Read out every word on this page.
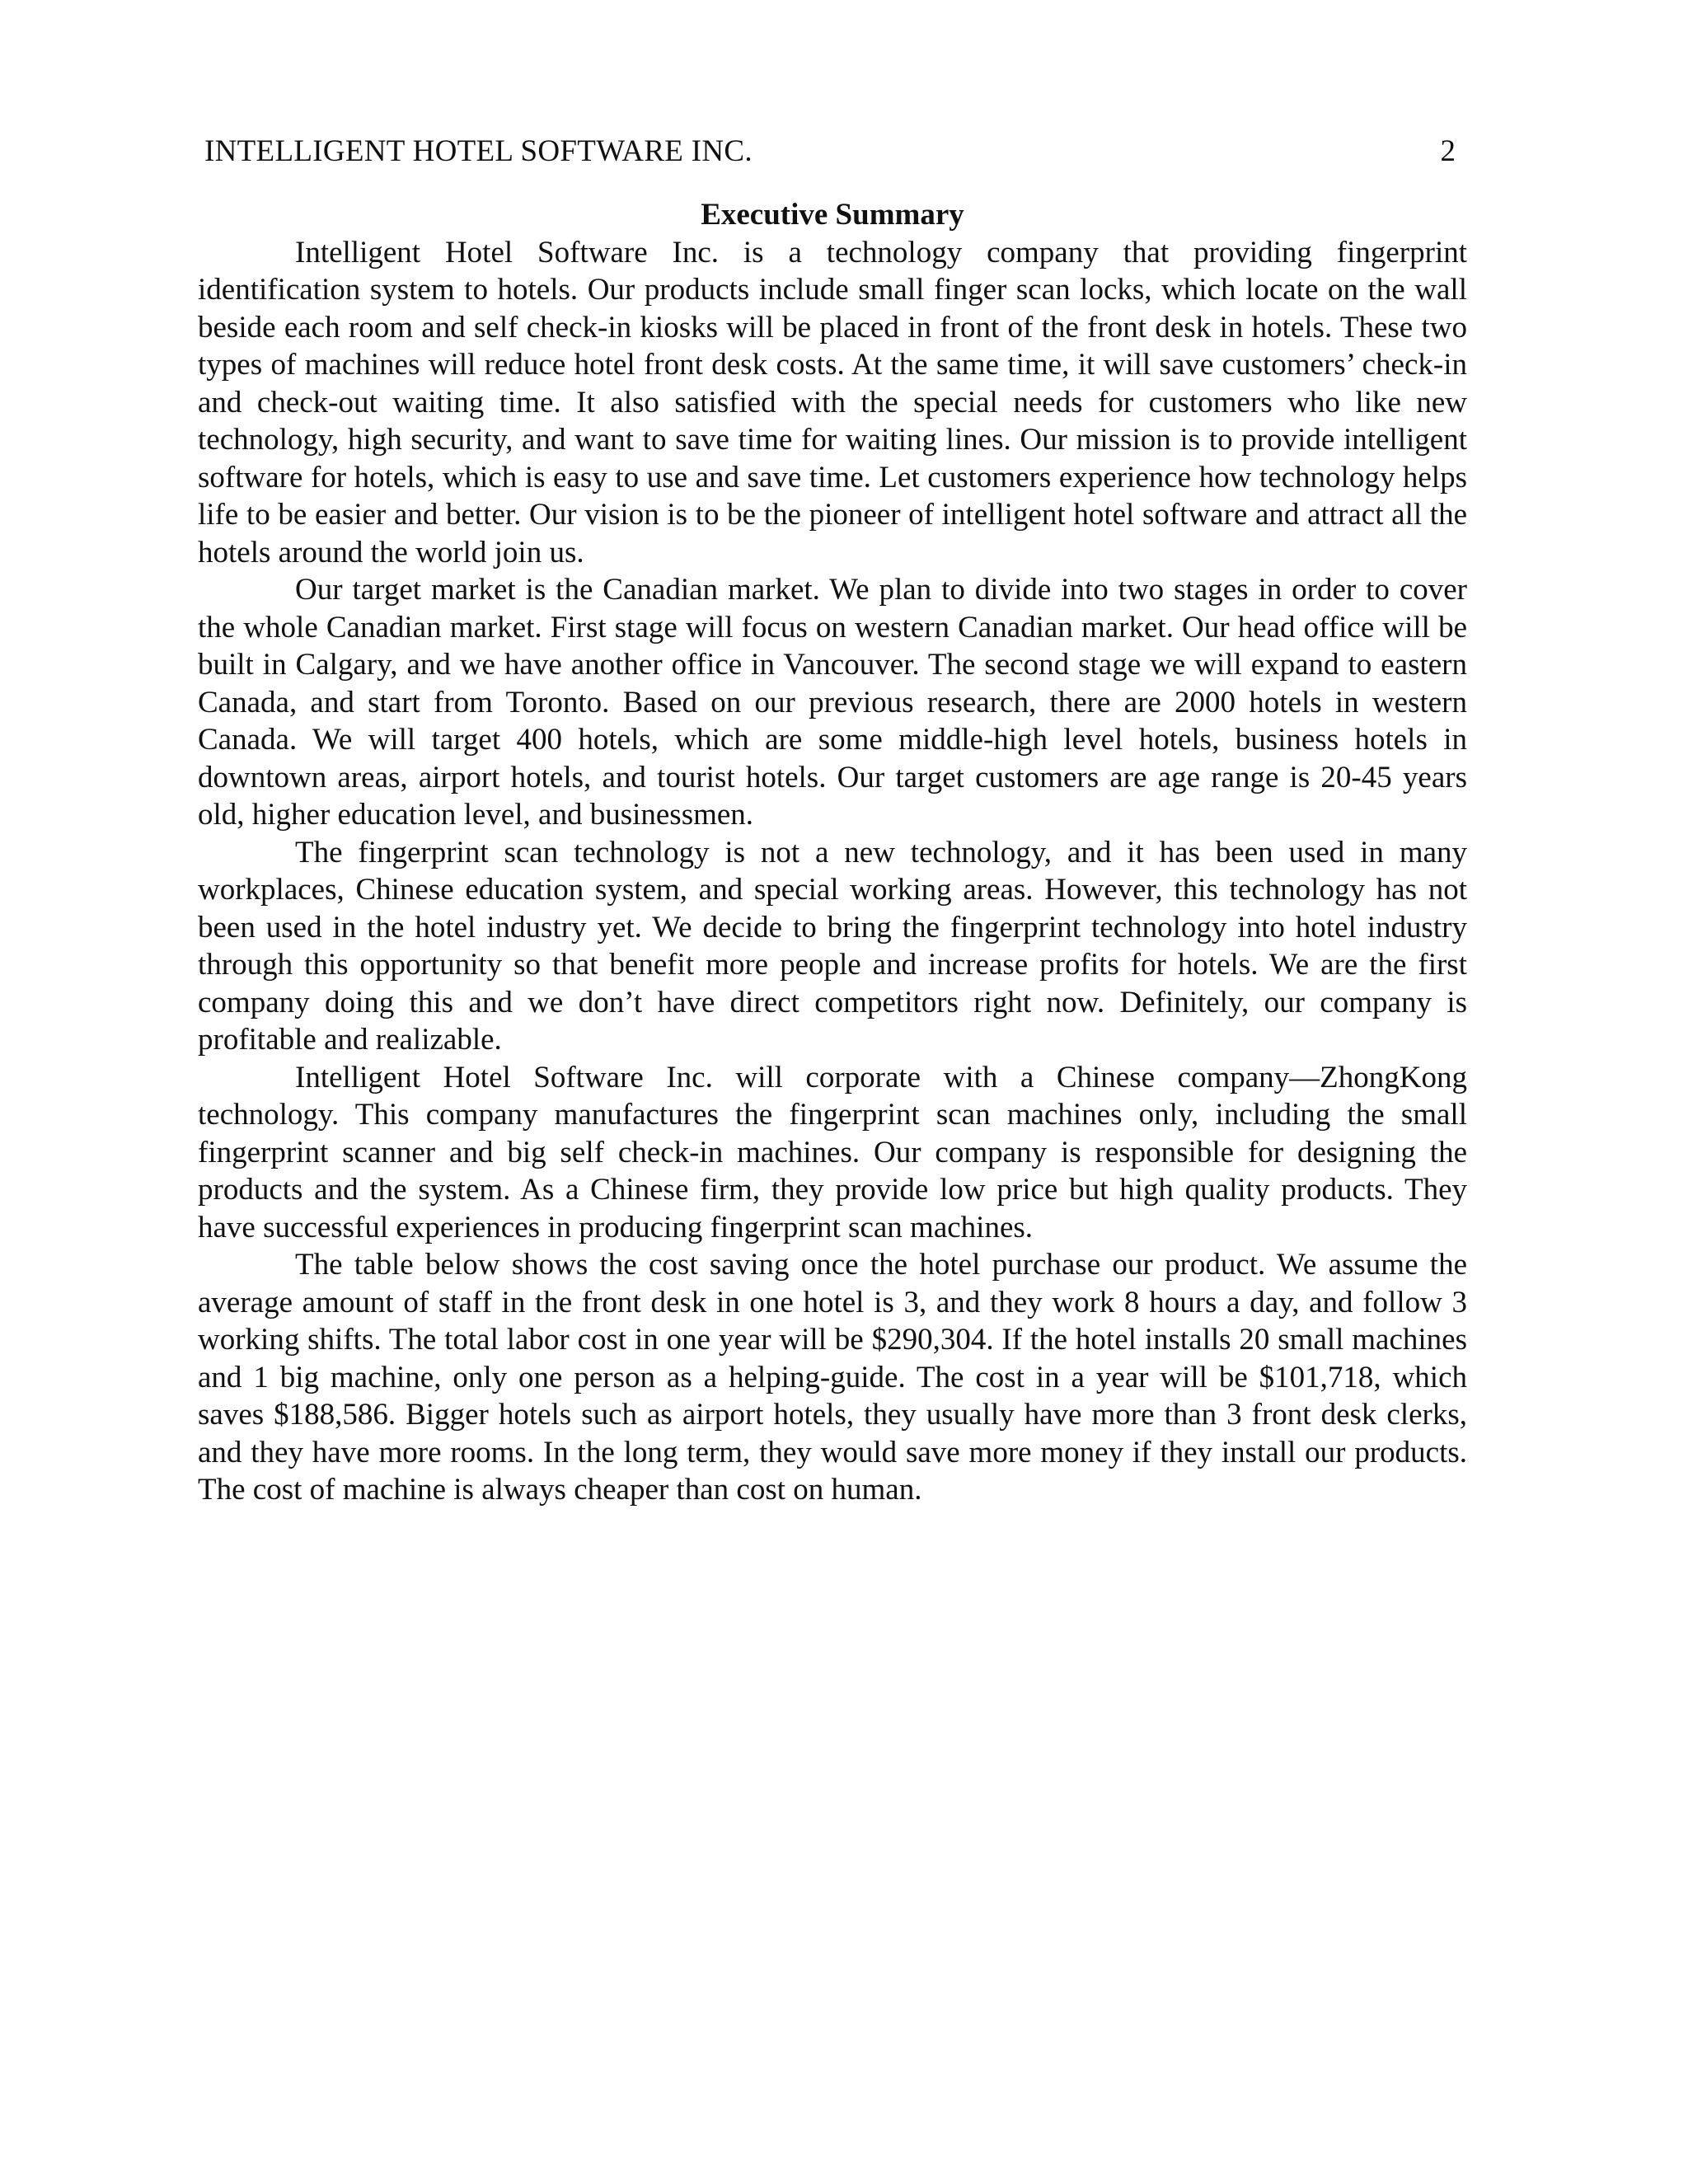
INTELLIGENT HOTEL SOFTWARE INC.	2
Executive Summary

Intelligent Hotel Software Inc. is a technology company that providing fingerprint identification system to hotels. Our products include small finger scan locks, which locate on the wall beside each room and self check-in kiosks will be placed in front of the front desk in hotels. These two types of machines will reduce hotel front desk costs. At the same time, it will save customers’ check-in and check-out waiting time. It also satisfied with the special needs for customers who like new technology, high security, and want to save time for waiting lines. Our mission is to provide intelligent software for hotels, which is easy to use and save time. Let customers experience how technology helps life to be easier and better. Our vision is to be the pioneer of intelligent hotel software and attract all the hotels around the world join us.

Our target market is the Canadian market. We plan to divide into two stages in order to cover the whole Canadian market. First stage will focus on western Canadian market. Our head office will be built in Calgary, and we have another office in Vancouver. The second stage we will expand to eastern Canada, and start from Toronto. Based on our previous research, there are 2000 hotels in western Canada. We will target 400 hotels, which are some middle-high level hotels, business hotels in downtown areas, airport hotels, and tourist hotels. Our target customers are age range is 20-45 years old, higher education level, and businessmen.

The fingerprint scan technology is not a new technology, and it has been used in many workplaces, Chinese education system, and special working areas. However, this technology has not been used in the hotel industry yet. We decide to bring the fingerprint technology into hotel industry through this opportunity so that benefit more people and increase profits for hotels. We are the first company doing this and we don’t have direct competitors right now. Definitely, our company is profitable and realizable.

Intelligent Hotel Software Inc. will corporate with a Chinese company—ZhongKong technology. This company manufactures the fingerprint scan machines only, including the small fingerprint scanner and big self check-in machines. Our company is responsible for designing the products and the system. As a Chinese firm, they provide low price but high quality products. They have successful experiences in producing fingerprint scan machines.

The table below shows the cost saving once the hotel purchase our product. We assume the average amount of staff in the front desk in one hotel is 3, and they work 8 hours a day, and follow 3 working shifts. The total labor cost in one year will be $290,304. If the hotel installs 20 small machines and 1 big machine, only one person as a helping-guide. The cost in a year will be $101,718, which saves $188,586. Bigger hotels such as airport hotels, they usually have more than 3 front desk clerks, and they have more rooms. In the long term, they would save more money if they install our products. The cost of machine is always cheaper than cost on human.
